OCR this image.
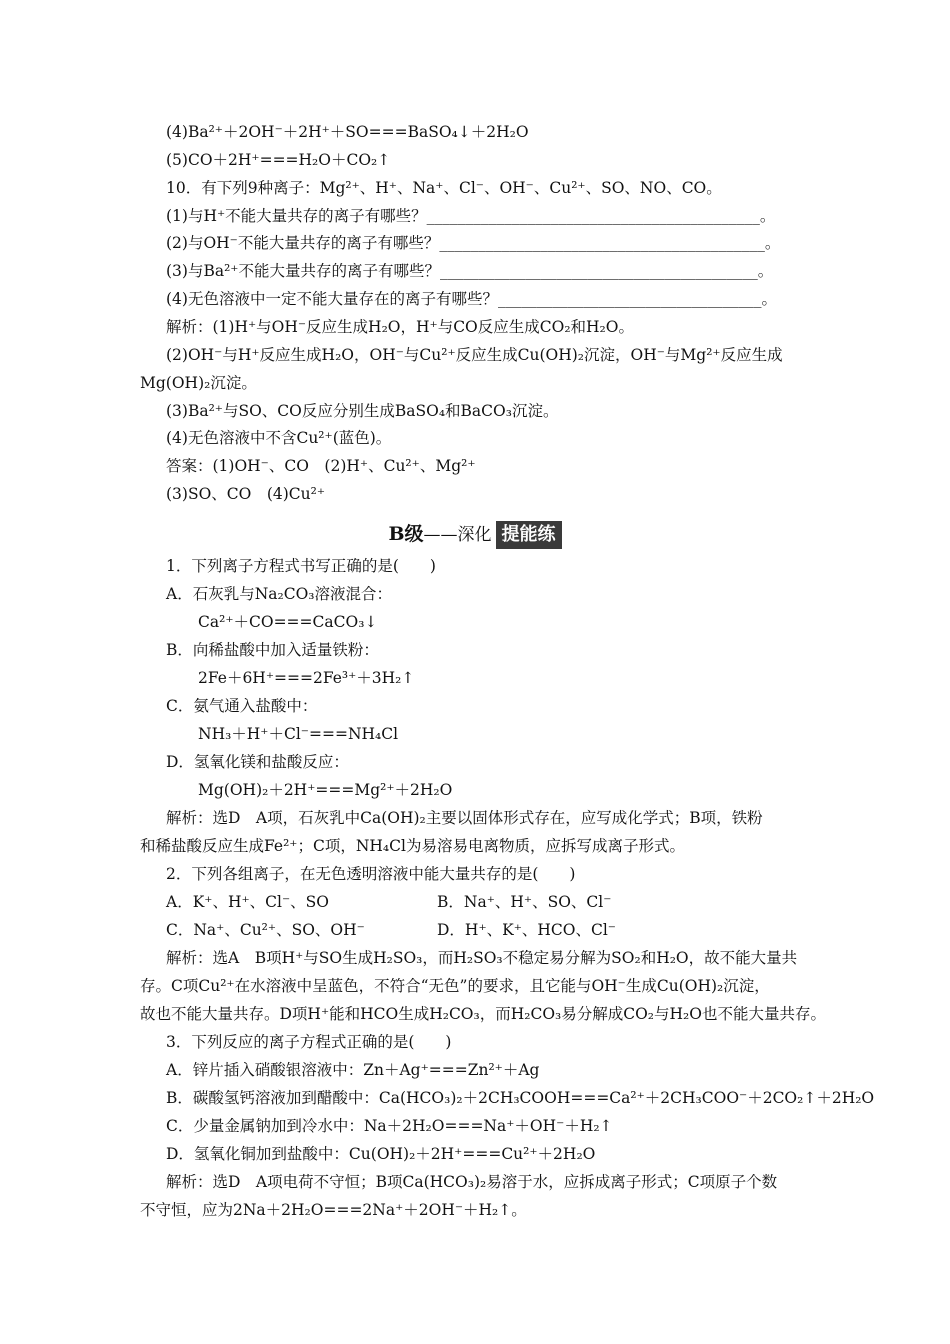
(4)Ba²⁺＋2OH⁻＋2H⁺＋SO===BaSO₄↓＋2H₂O
(5)CO＋2H⁺===H₂O＋CO₂↑
10．有下列9种离子：Mg²⁺、H⁺、Na⁺、Cl⁻、OH⁻、Cu²⁺、SO、NO、CO。
(1)与H⁺不能大量共存的离子有哪些？___________________________________________。
(2)与OH⁻不能大量共存的离子有哪些？__________________________________________。
(3)与Ba²⁺不能大量共存的离子有哪些？_________________________________________。
(4)无色溶液中一定不能大量存在的离子有哪些？__________________________________。
解析：(1)H⁺与OH⁻反应生成H₂O，H⁺与CO反应生成CO₂和H₂O。
(2)OH⁻与H⁺反应生成H₂O，OH⁻与Cu²⁺反应生成Cu(OH)₂沉淀，OH⁻与Mg²⁺反应生成
Mg(OH)₂沉淀。
(3)Ba²⁺与SO、CO反应分别生成BaSO₄和BaCO₃沉淀。
(4)无色溶液中不含Cu²⁺(蓝色)。
答案：(1)OH⁻、CO　(2)H⁺、Cu²⁺、Mg²⁺
(3)SO、CO　(4)Cu²⁺
B级——深化 提能练
1．下列离子方程式书写正确的是(　　)
A．石灰乳与Na₂CO₃溶液混合：
Ca²⁺＋CO===CaCO₃↓
B．向稀盐酸中加入适量铁粉：
2Fe＋6H⁺===2Fe³⁺＋3H₂↑
C．氨气通入盐酸中：
NH₃＋H⁺＋Cl⁻===NH₄Cl
D．氢氧化镁和盐酸反应：
Mg(OH)₂＋2H⁺===Mg²⁺＋2H₂O
解析：选D　A项，石灰乳中Ca(OH)₂主要以固体形式存在，应写成化学式；B项，铁粉
和稀盐酸反应生成Fe²⁺；C项，NH₄Cl为易溶易电离物质，应拆写成离子形式。
2．下列各组离子，在无色透明溶液中能大量共存的是(　　)
A．K⁺、H⁺、Cl⁻、SO	B．Na⁺、H⁺、SO、Cl⁻
C．Na⁺、Cu²⁺、SO、OH⁻	D．H⁺、K⁺、HCO、Cl⁻
解析：选A　B项H⁺与SO生成H₂SO₃，而H₂SO₃不稳定易分解为SO₂和H₂O，故不能大量共
存。C项Cu²⁺在水溶液中呈蓝色，不符合“无色”的要求，且它能与OH⁻生成Cu(OH)₂沉淀，
故也不能大量共存。D项H⁺能和HCO生成H₂CO₃，而H₂CO₃易分解成CO₂与H₂O也不能大量共存。
3．下列反应的离子方程式正确的是(　　)
A．锌片插入硝酸银溶液中：Zn＋Ag⁺===Zn²⁺＋Ag
B．碳酸氢钙溶液加到醋酸中：Ca(HCO₃)₂＋2CH₃COOH===Ca²⁺＋2CH₃COO⁻＋2CO₂↑＋2H₂O
C．少量金属钠加到冷水中：Na＋2H₂O===Na⁺＋OH⁻＋H₂↑
D．氢氧化铜加到盐酸中：Cu(OH)₂＋2H⁺===Cu²⁺＋2H₂O
解析：选D　A项电荷不守恒；B项Ca(HCO₃)₂易溶于水，应拆成离子形式；C项原子个数
不守恒，应为2Na＋2H₂O===2Na⁺＋2OH⁻＋H₂↑。
